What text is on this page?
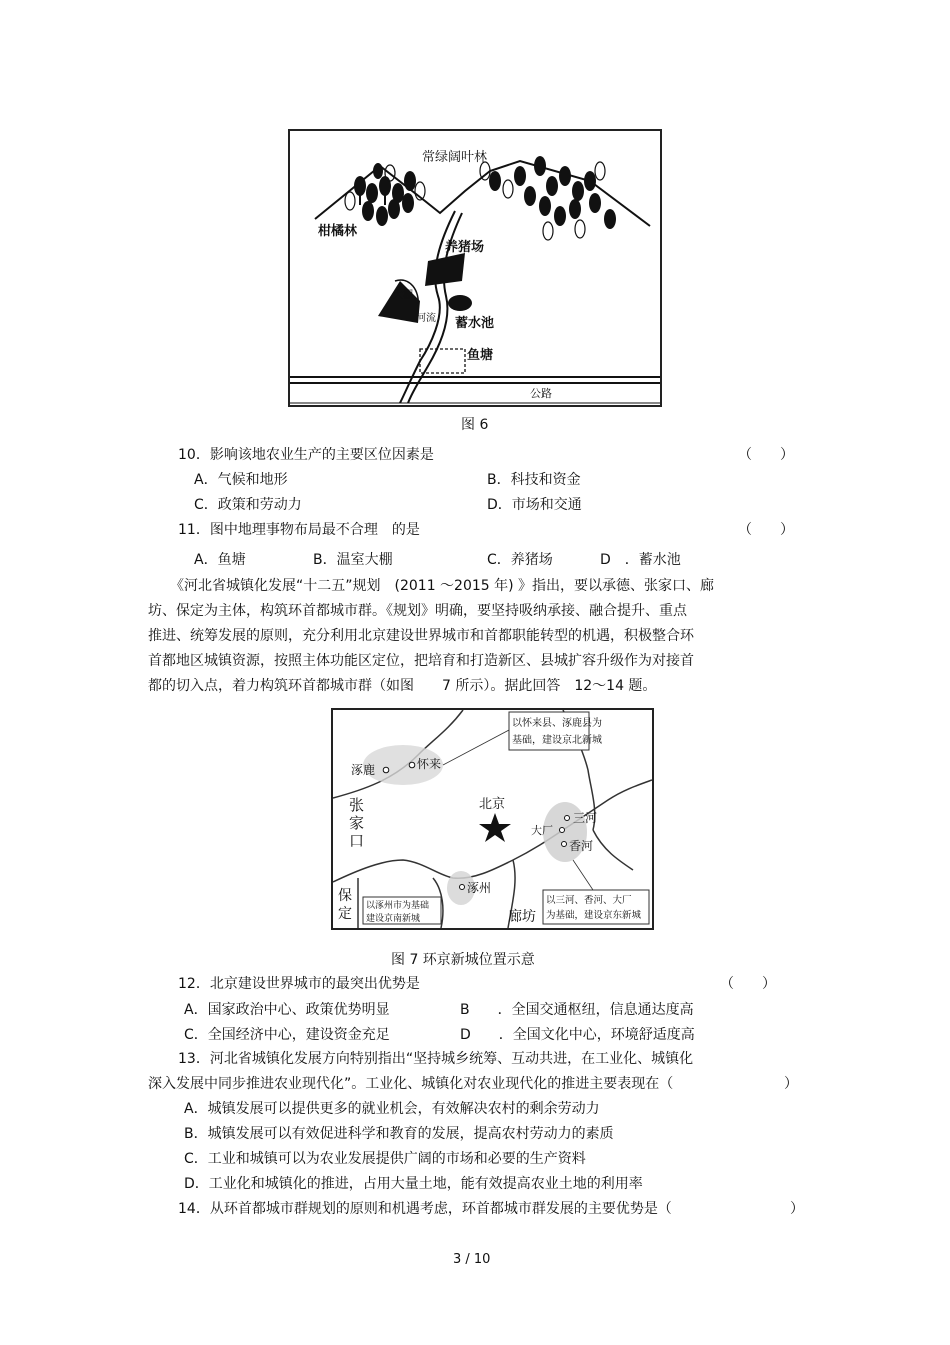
常绿阔叶林
柑橘林
养猪场
大棚
河流 蓄水池
鱼塘
公路
图 6
10．影响该地农业生产的主要区位因素是	（　　）
A．气候和地形	B．科技和资金
C．政策和劳动力	D．市场和交通
11．图中地理事物布局最不合理　的是	（　　）
A．鱼塘	B．温室大棚	C．养猪场	D　．蓄水池
《河北省城镇化发展“十二五”规划　(2011 ～2015 年) 》指出，要以承德、张家口、廊
坊、保定为主体，构筑环首都城市群。《规划》明确，要坚持吸纳承接、融合提升、重点
推进、统筹发展的原则，充分利用北京建设世界城市和首都职能转型的机遇，积极整合环
首都地区城镇资源，按照主体功能区定位，把培育和打造新区、县城扩容升级作为对接首
都的切入点，着力构筑环首都城市群（如图　　7 所示）。据此回答　12～14 题。
涿鹿	怀来
北京
三河
大厂
香河
涿州
廊坊
张
家
口
保
定
以怀来县、涿鹿县为
基础，建设京北新城
以涿州市为基础
建设京南新城
以三河、香河、大厂
为基础，建设京东新城
图 7 环京新城位置示意
12．北京建设世界城市的最突出优势是	（　　）
A．国家政治中心、政策优势明显	B　　．全国交通枢纽，信息通达度高
C．全国经济中心，建设资金充足	D　　．全国文化中心，环境舒适度高
13．河北省城镇化发展方向特别指出“坚持城乡统筹、互动共进，在工业化、城镇化
深入发展中同步推进农业现代化”。工业化、城镇化对农业现代化的推进主要表现在（	）
A．城镇发展可以提供更多的就业机会，有效解决农村的剩余劳动力
B．城镇发展可以有效促进科学和教育的发展，提高农村劳动力的素质
C．工业和城镇可以为农业发展提供广阔的市场和必要的生产资料
D．工业化和城镇化的推进，占用大量土地，能有效提高农业土地的利用率
14．从环首都城市群规划的原则和机遇考虑，环首都城市群发展的主要优势是（	）
3 / 10
